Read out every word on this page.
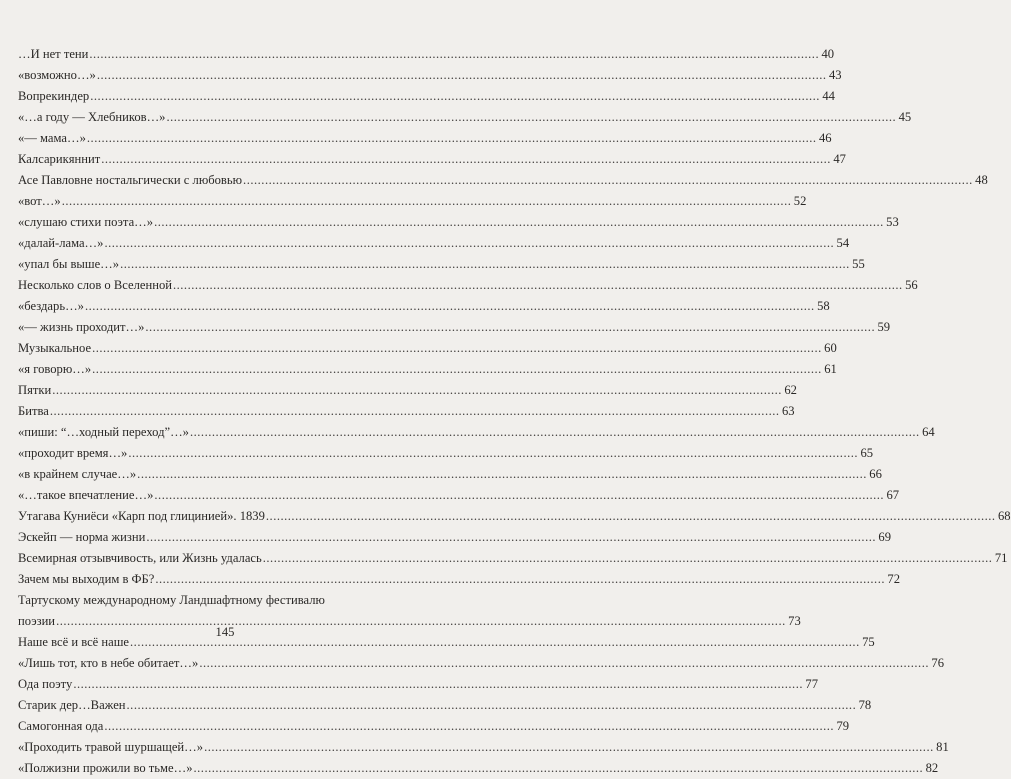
…И нет тени ........................................................................................................................................................................................................ 40
«возможно…» ........................................................................................................................................................................................................ 43
Вопрекиндер ........................................................................................................................................................................................................ 44
«…а году — Хлебников…» ........................................................................................................................................................................................................ 45
«— мама…» ........................................................................................................................................................................................................ 46
Калсарикяннит ........................................................................................................................................................................................................ 47
Асе Павловне ностальгически с любовью ........................................................................................................................................................................................................ 48
«вот…» ........................................................................................................................................................................................................ 52
«слушаю стихи поэта…» ........................................................................................................................................................................................................ 53
«далай-лама…» ........................................................................................................................................................................................................ 54
«упал бы выше…» ........................................................................................................................................................................................................ 55
Несколько слов о Вселенной ........................................................................................................................................................................................................ 56
«бездарь…» ........................................................................................................................................................................................................ 58
«— жизнь проходит…» ........................................................................................................................................................................................................ 59
Музыкальное ........................................................................................................................................................................................................ 60
«я говорю…» ........................................................................................................................................................................................................ 61
Пятки ........................................................................................................................................................................................................ 62
Битва ........................................................................................................................................................................................................ 63
«пиши: “…ходный переход”…» ........................................................................................................................................................................................................ 64
«проходит время…» ........................................................................................................................................................................................................ 65
«в крайнем случае…» ........................................................................................................................................................................................................ 66
«…такое впечатление…» ........................................................................................................................................................................................................ 67
Утагава Куниёси «Карп под глицинией». 1839 ........................................................................................................................................................................................................ 68
Эскейп — норма жизни ........................................................................................................................................................................................................ 69
Всемирная отзывчивость, или Жизнь удалась ........................................................................................................................................................................................................ 71
Зачем мы выходим в ФБ? ........................................................................................................................................................................................................ 72
Тартускому международному Ландшафтному фестивалю
поэзии ........................................................................................................................................................................................................ 73
Наше всё и всё наше ........................................................................................................................................................................................................ 75
«Лишь тот, кто в небе обитает…» ........................................................................................................................................................................................................ 76
Ода поэту ........................................................................................................................................................................................................ 77
Старик дер…Важен ........................................................................................................................................................................................................ 78
Самогонная ода ........................................................................................................................................................................................................ 79
«Проходить травой шуршащей…» ........................................................................................................................................................................................................ 81
«Полжизни прожили во тьме…» ........................................................................................................................................................................................................ 82
145
